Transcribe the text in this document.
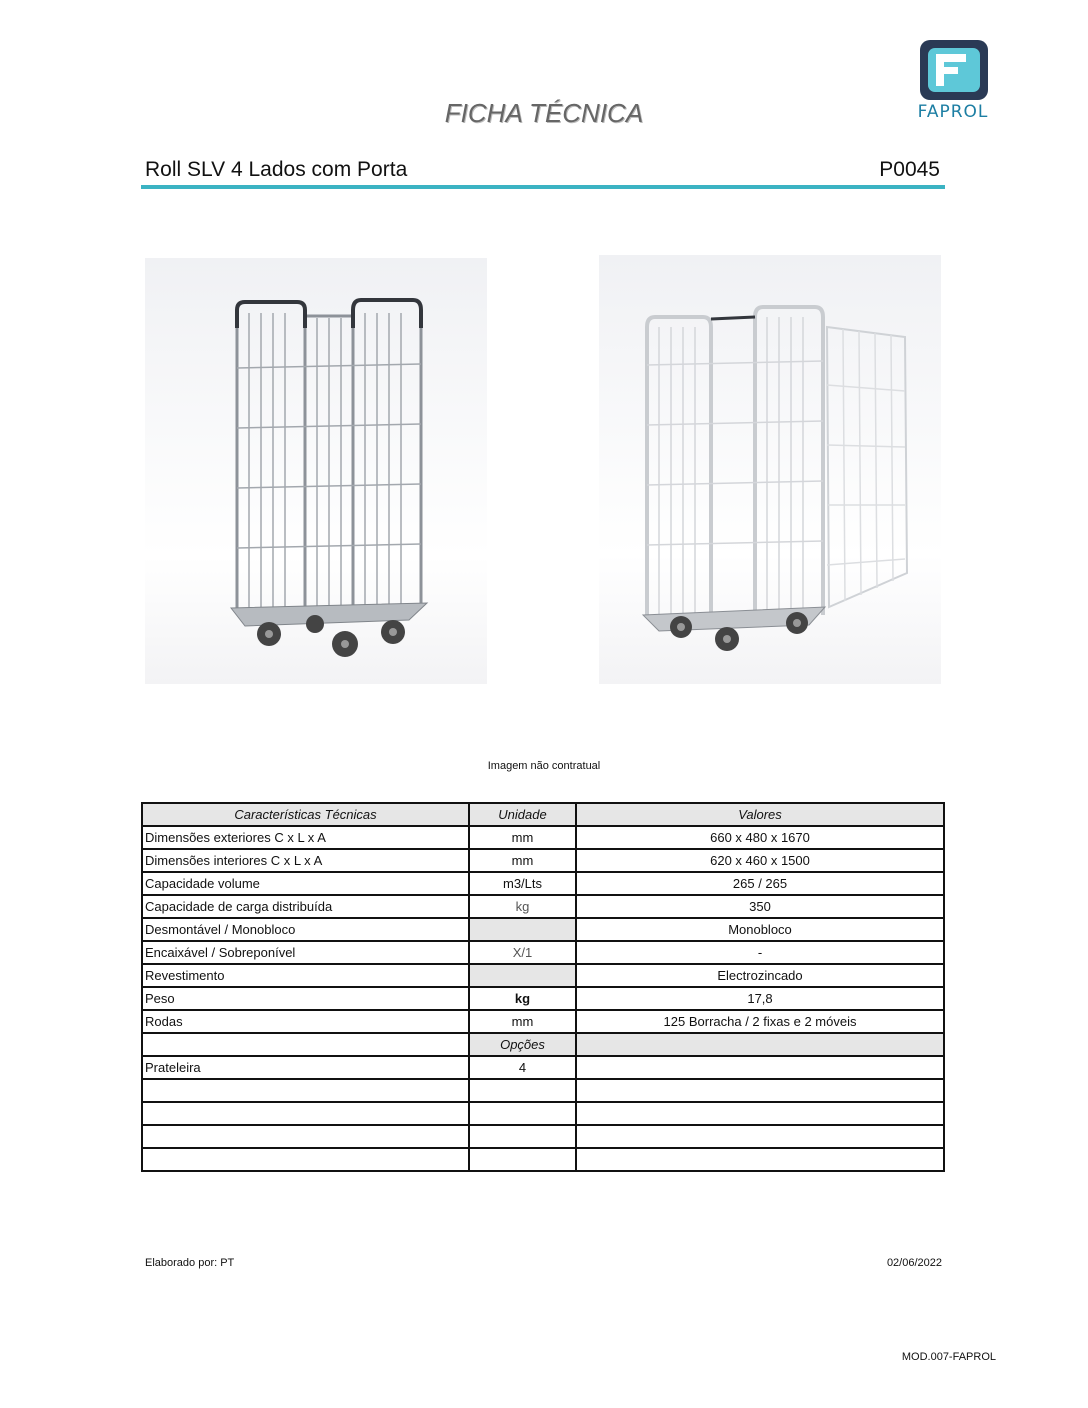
FAPROL
FICHA TÉCNICA
Roll SLV 4 Lados com Porta	P0045
Imagem não contratual
Características Técnicas	Unidade	Valores
Dimensões exteriores C x L x A	mm	660 x 480 x 1670
Dimensões interiores C x L x A	mm	620 x 460 x 1500
Capacidade volume	m3/Lts	265 / 265
Capacidade de carga distribuída	kg	350
Desmontável / Monobloco		Monobloco
Encaixável / Sobreponível	X/1	-
Revestimento		Electrozincado
Peso	kg	17,8
Rodas	mm	125 Borracha / 2 fixas e 2 móveis
	Opções	
Prateleira	4	

Elaborado por: PT	02/06/2022
MOD.007-FAPROL
